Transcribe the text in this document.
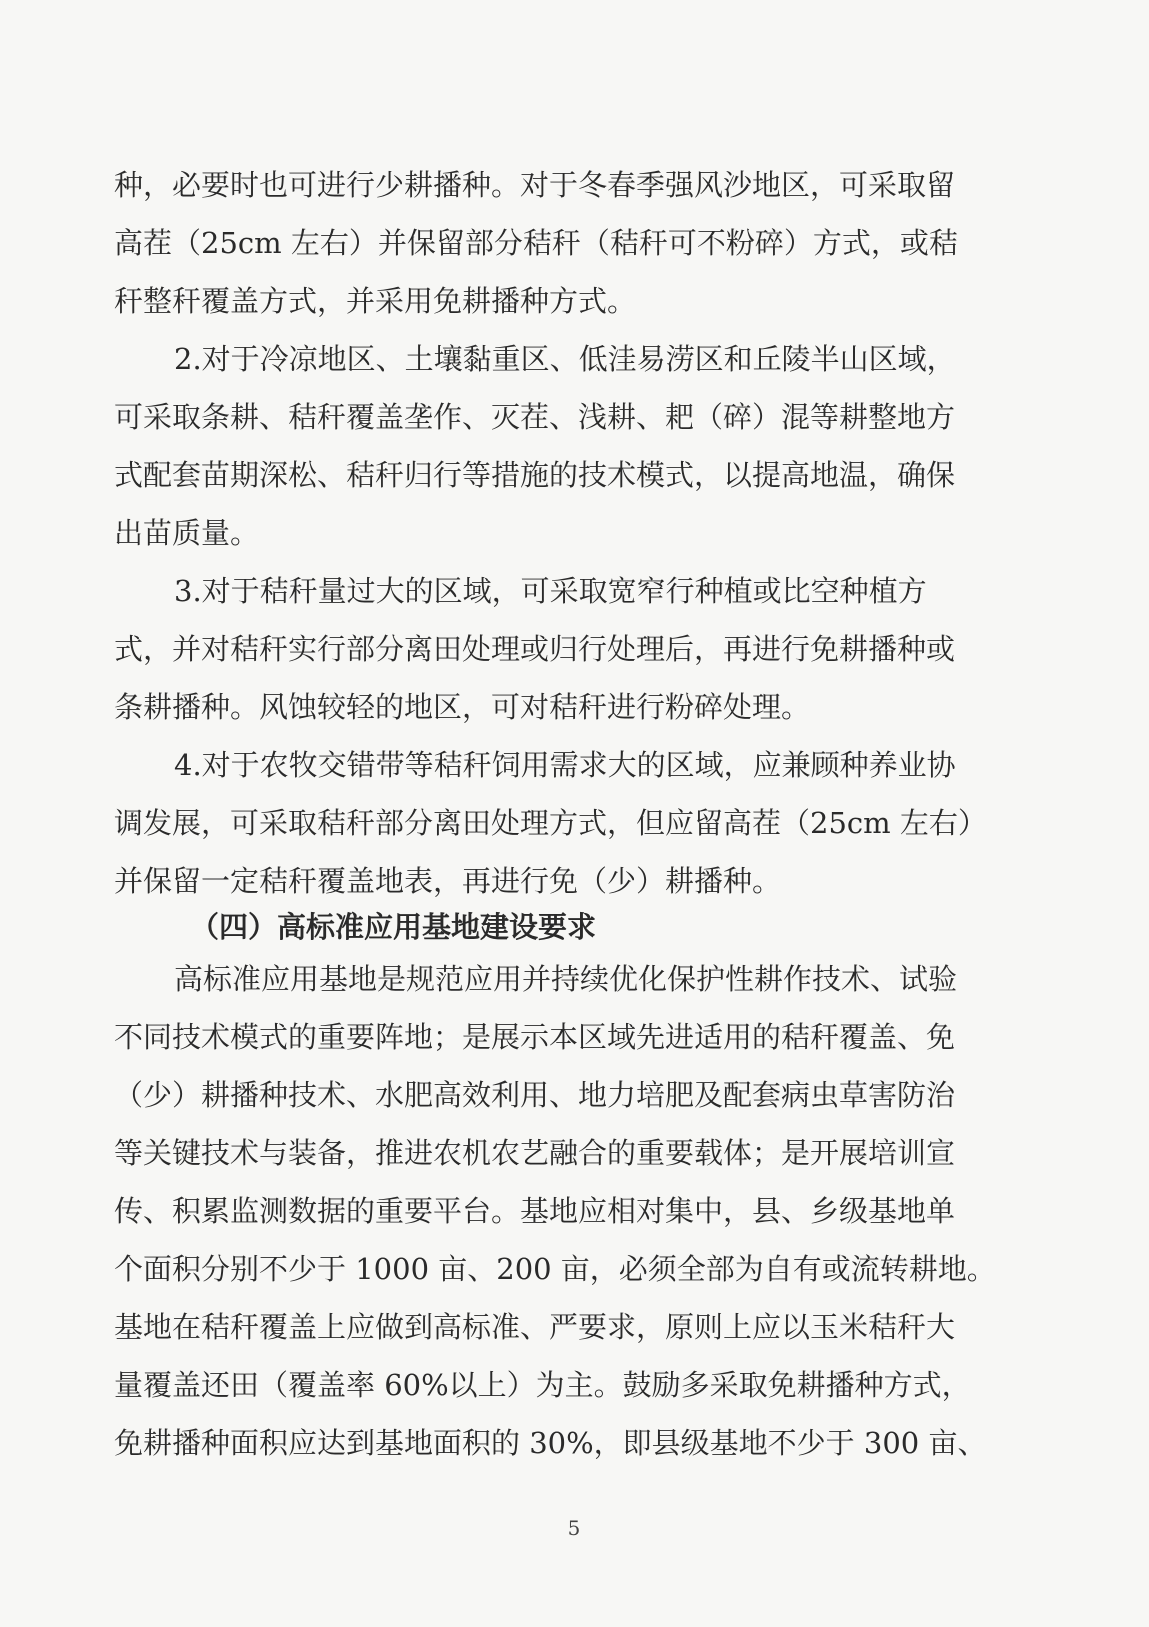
种，必要时也可进行少耕播种。对于冬春季强风沙地区，可采取留
高茬（25cm 左右）并保留部分秸秆（秸秆可不粉碎）方式，或秸
秆整秆覆盖方式，并采用免耕播种方式。
2.对于冷凉地区、土壤黏重区、低洼易涝区和丘陵半山区域，
可采取条耕、秸秆覆盖垄作、灭茬、浅耕、耙（碎）混等耕整地方
式配套苗期深松、秸秆归行等措施的技术模式，以提高地温，确保
出苗质量。
3.对于秸秆量过大的区域，可采取宽窄行种植或比空种植方
式，并对秸秆实行部分离田处理或归行处理后，再进行免耕播种或
条耕播种。风蚀较轻的地区，可对秸秆进行粉碎处理。
4.对于农牧交错带等秸秆饲用需求大的区域，应兼顾种养业协
调发展，可采取秸秆部分离田处理方式，但应留高茬（25cm 左右）
并保留一定秸秆覆盖地表，再进行免（少）耕播种。
（四）高标准应用基地建设要求
高标准应用基地是规范应用并持续优化保护性耕作技术、试验
不同技术模式的重要阵地；是展示本区域先进适用的秸秆覆盖、免
（少）耕播种技术、水肥高效利用、地力培肥及配套病虫草害防治
等关键技术与装备，推进农机农艺融合的重要载体；是开展培训宣
传、积累监测数据的重要平台。基地应相对集中，县、乡级基地单
个面积分别不少于 1000 亩、200 亩，必须全部为自有或流转耕地。
基地在秸秆覆盖上应做到高标准、严要求，原则上应以玉米秸秆大
量覆盖还田（覆盖率 60%以上）为主。鼓励多采取免耕播种方式，
免耕播种面积应达到基地面积的 30%，即县级基地不少于 300 亩、
5
